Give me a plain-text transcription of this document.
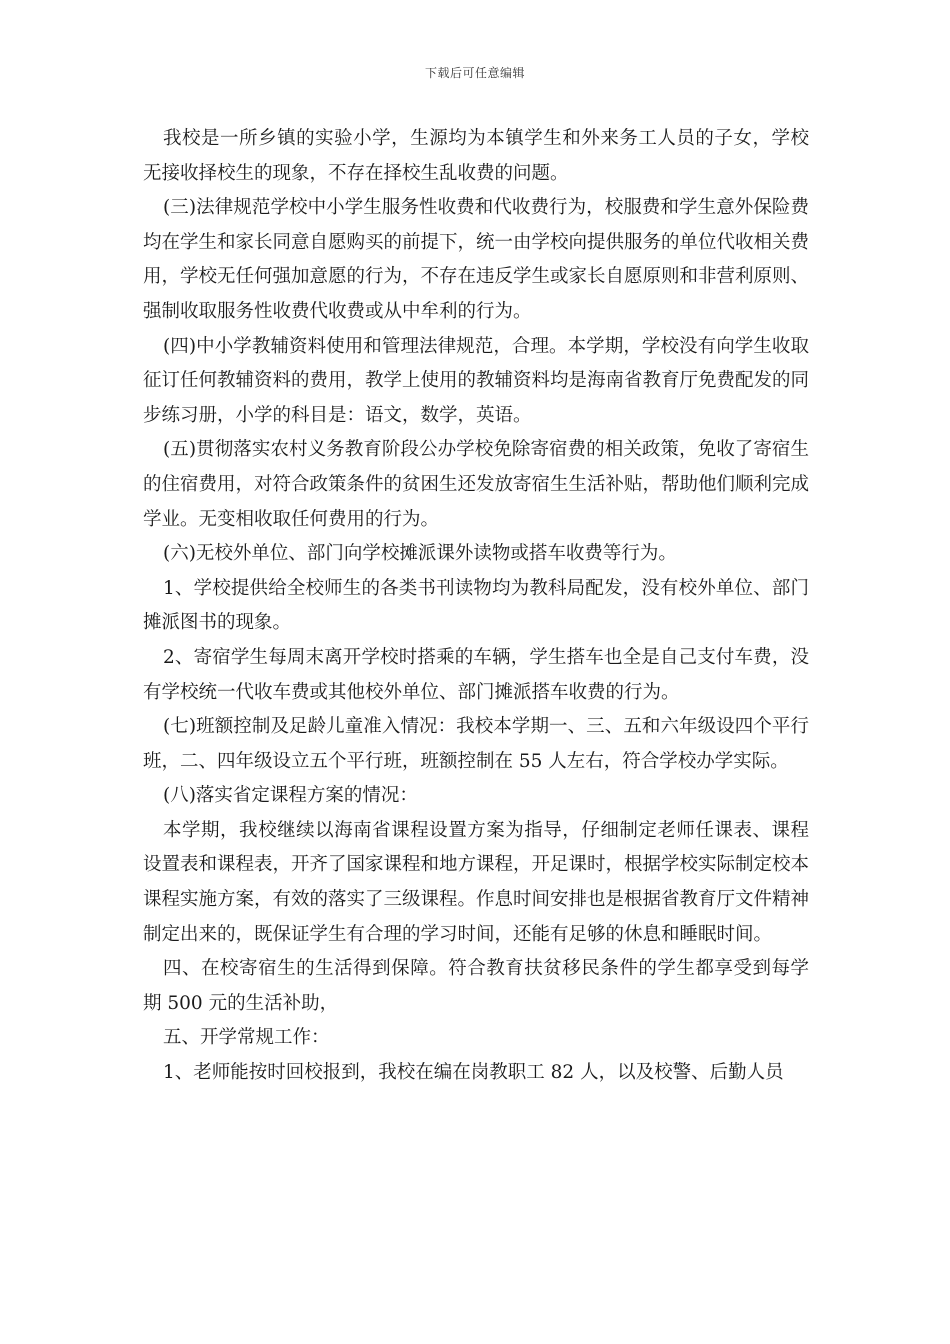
下载后可任意编辑

我校是一所乡镇的实验小学，生源均为本镇学生和外来务工人员的子女，学校无接收择校生的现象，不存在择校生乱收费的问题。

(三)法律规范学校中小学生服务性收费和代收费行为，校服费和学生意外保险费均在学生和家长同意自愿购买的前提下，统一由学校向提供服务的单位代收相关费用，学校无任何强加意愿的行为，不存在违反学生或家长自愿原则和非营利原则、强制收取服务性收费代收费或从中牟利的行为。

(四)中小学教辅资料使用和管理法律规范，合理。本学期，学校没有向学生收取征订任何教辅资料的费用，教学上使用的教辅资料均是海南省教育厅免费配发的同步练习册，小学的科目是：语文，数学，英语。

(五)贯彻落实农村义务教育阶段公办学校免除寄宿费的相关政策，免收了寄宿生的住宿费用，对符合政策条件的贫困生还发放寄宿生生活补贴，帮助他们顺利完成学业。无变相收取任何费用的行为。

(六)无校外单位、部门向学校摊派课外读物或搭车收费等行为。

1、学校提供给全校师生的各类书刊读物均为教科局配发，没有校外单位、部门摊派图书的现象。

2、寄宿学生每周末离开学校时搭乘的车辆，学生搭车也全是自己支付车费，没有学校统一代收车费或其他校外单位、部门摊派搭车收费的行为。

(七)班额控制及足龄儿童准入情况：我校本学期一、三、五和六年级设四个平行班，二、四年级设立五个平行班，班额控制在 55 人左右，符合学校办学实际。

(八)落实省定课程方案的情况：

本学期，我校继续以海南省课程设置方案为指导，仔细制定老师任课表、课程设置表和课程表，开齐了国家课程和地方课程，开足课时，根据学校实际制定校本课程实施方案，有效的落实了三级课程。作息时间安排也是根据省教育厅文件精神制定出来的，既保证学生有合理的学习时间，还能有足够的休息和睡眠时间。

四、在校寄宿生的生活得到保障。符合教育扶贫移民条件的学生都享受到每学期 500 元的生活补助，

五、开学常规工作：

1、老师能按时回校报到，我校在编在岗教职工 82 人，以及校警、后勤人员
